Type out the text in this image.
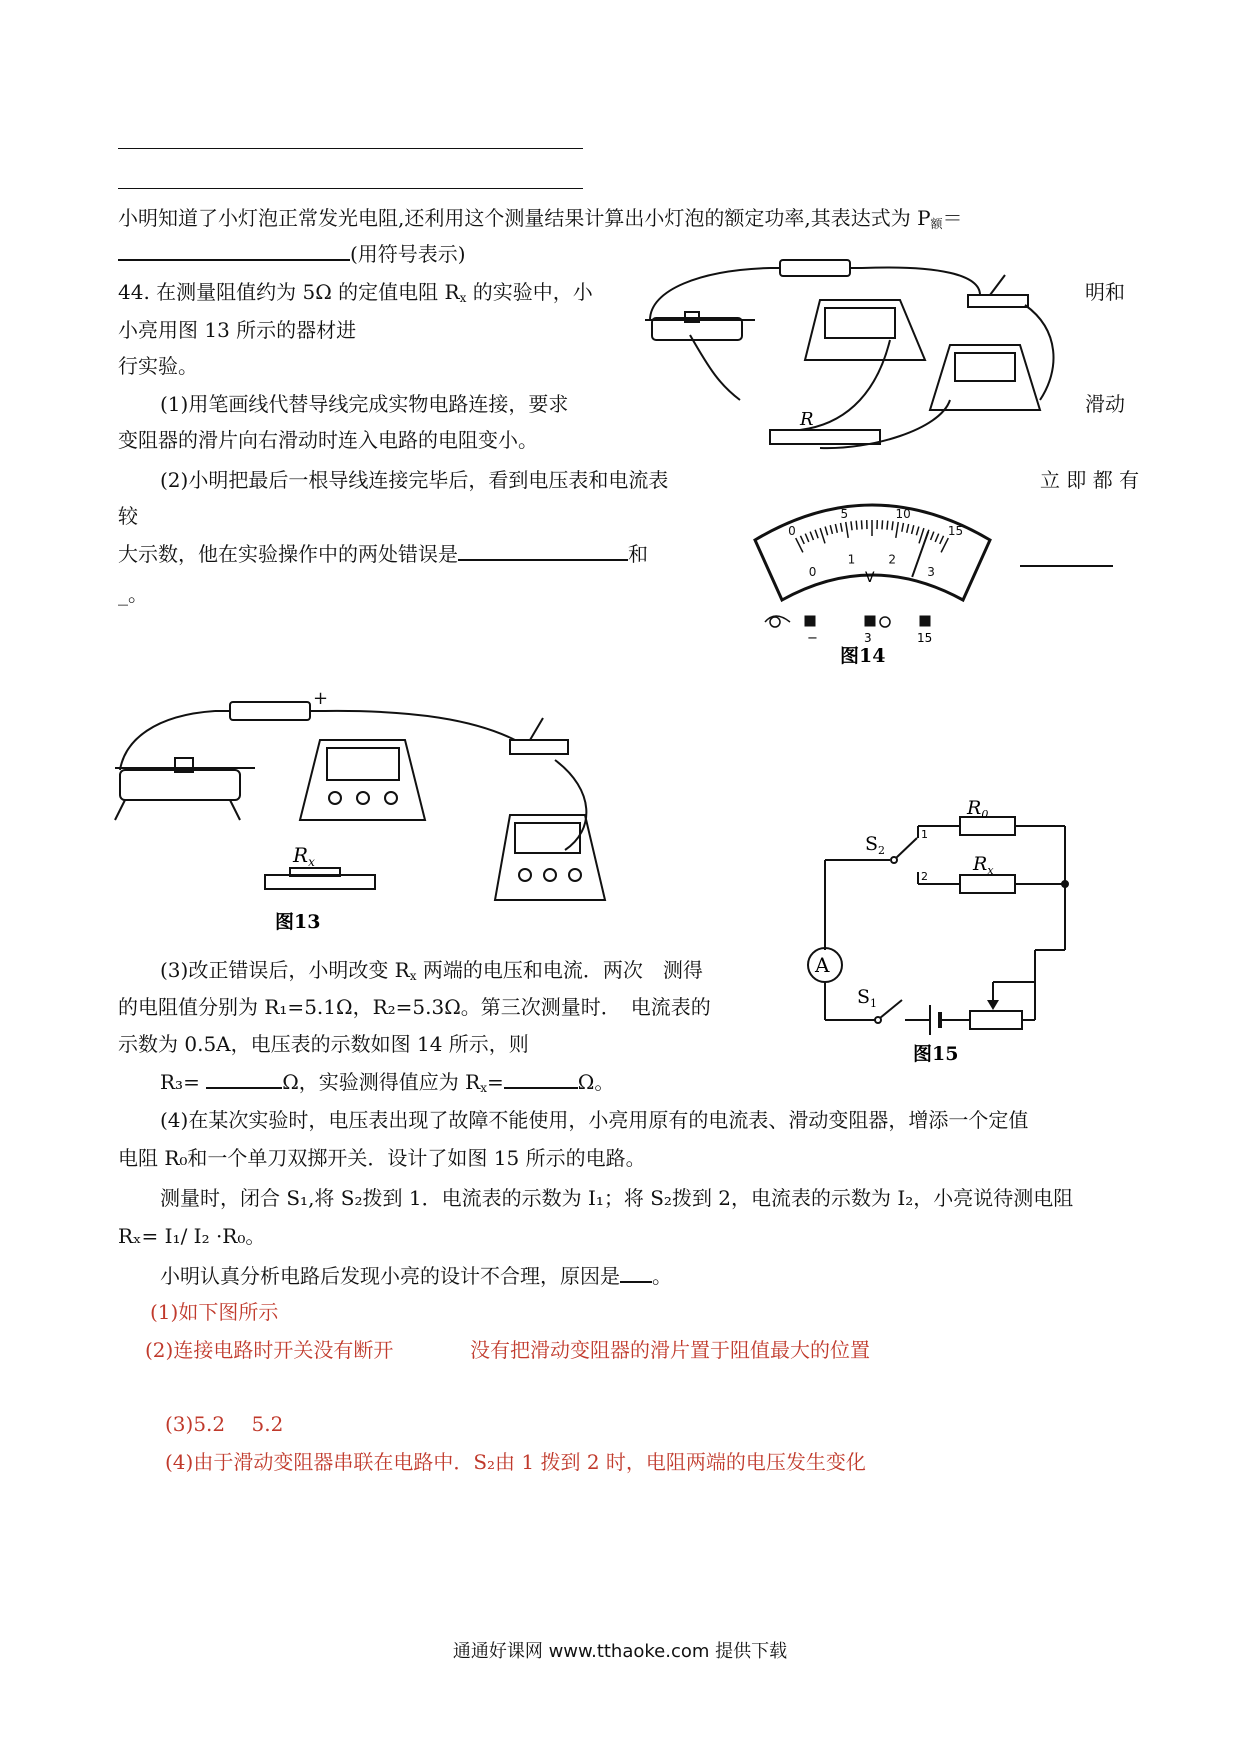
小明知道了小灯泡正常发光电阻,还利用这个测量结果计算出小灯泡的额定功率,其表达式为 $P_额=$
(用符号表示)
44. 在测量阻值约为 5Ω 的定值电阻 $R_x$ 的实验中，小	明和
小亮用图 13 所示的器材进
行实验。
(1)用笔画线代替导线完成实物电路连接，要求	滑动
变阻器的滑片向右滑动时连入电路的电阻变小。
(2)小明把最后一根导线连接完毕后，看到电压表和电流表	立 即 都 有
较
大示数，他在实验操作中的两处错误是	和
_。
R
0
5	10
15
0
1	2
3
V
−	3	15
图14
+
$R_x$
图13
A
$R_0$
$R_x$
$S_2$
$S_1$
1
2
图15
(3)改正错误后，小明改变 $R_x$ 两端的电压和电流．两次　测得
的电阻值分别为 R₁=5.1Ω，R₂=5.3Ω。第三次测量时．　电流表的
示数为 0.5A，电压表的示数如图 14 所示，则
R₃=	Ω，实验测得值应为 $R_x=$	Ω。
(4)在某次实验时，电压表出现了故障不能使用，小亮用原有的电流表、滑动变阻器，增添一个定值
电阻 R₀和一个单刀双掷开关．设计了如图 15 所示的电路。
测量时，闭合 S₁,将 S₂拨到 1．电流表的示数为 I₁；将 S₂拨到 2，电流表的示数为 I₂，小亮说待测电阻
Rₓ= I₁/ I₂ ·R₀。
小明认真分析电路后发现小亮的设计不合理，原因是 。
(1)如下图所示
(2)连接电路时开关没有断开	没有把滑动变阻器的滑片置于阻值最大的位置
(3)5.2　 5.2
(4)由于滑动变阻器串联在电路中．S₂由 1 拨到 2 时，电阻两端的电压发生变化
通通好课网 www.tthaoke.com 提供下载
